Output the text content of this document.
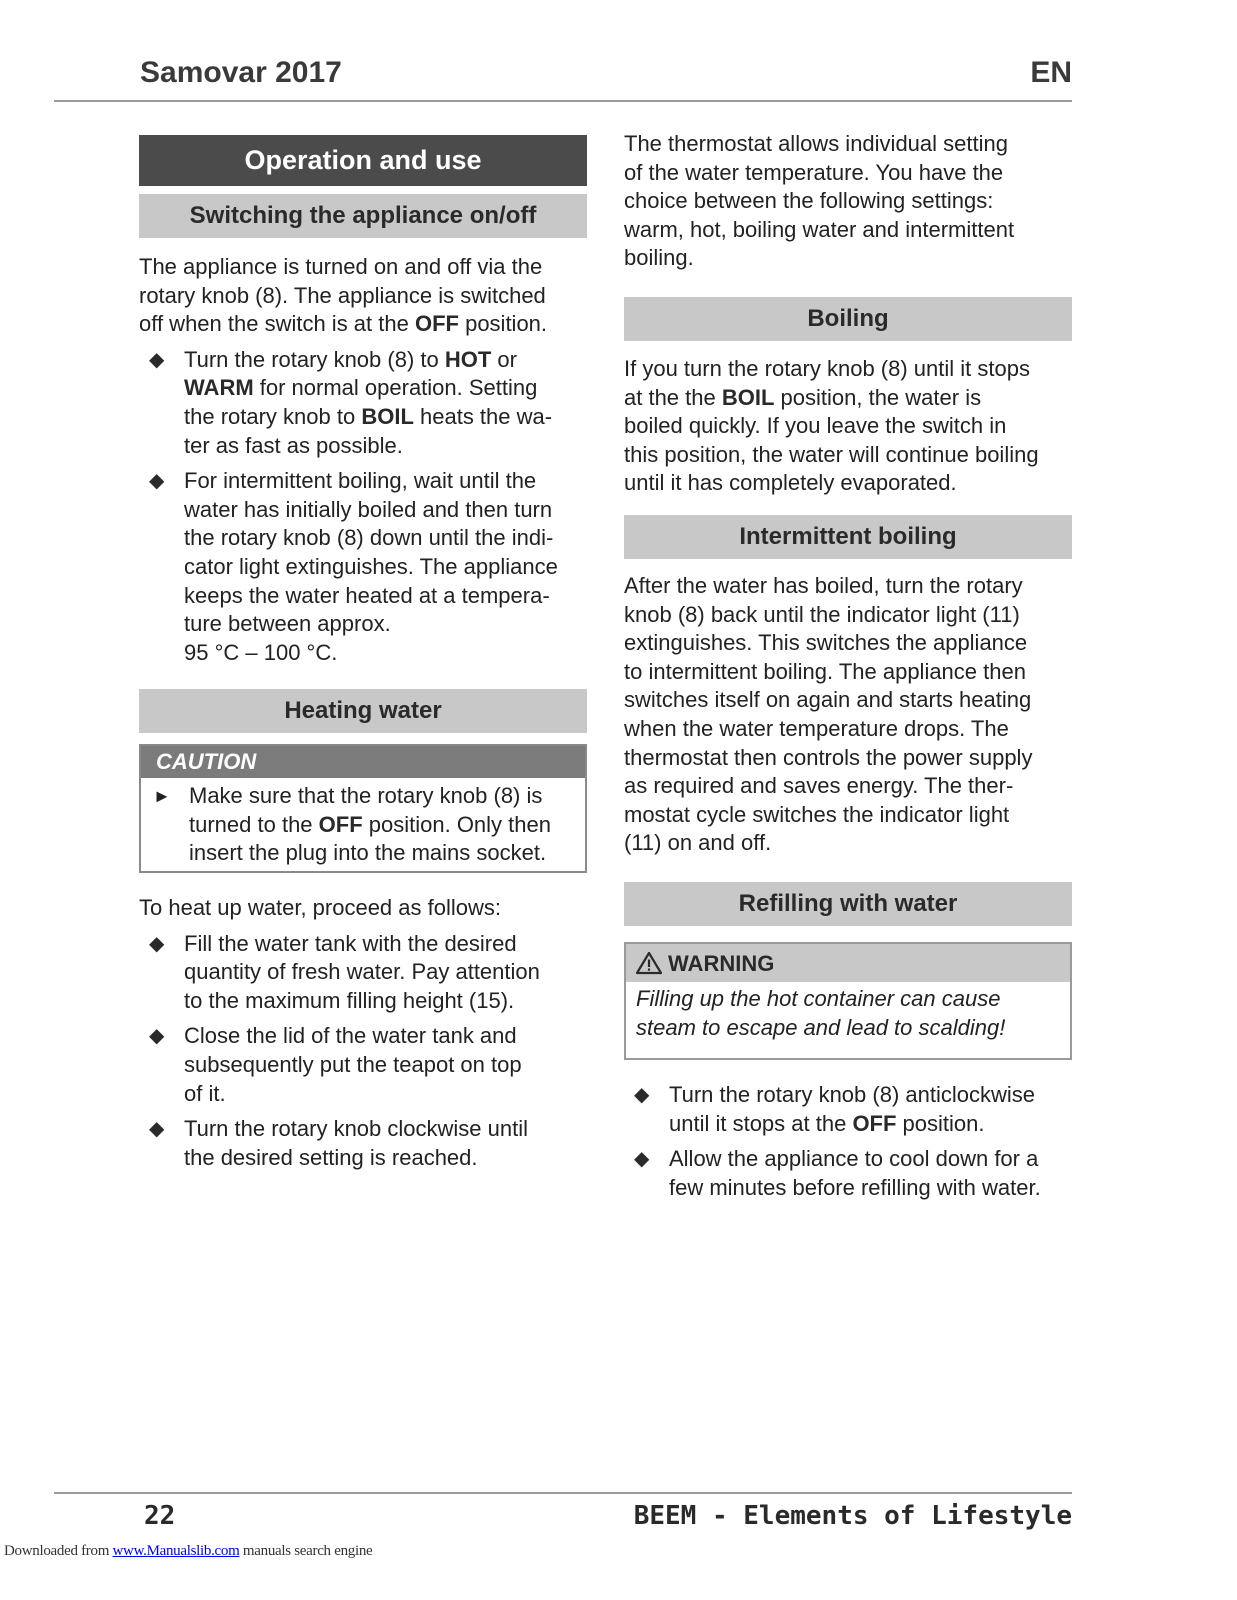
Samovar 2017	EN
Operation and use
Switching the appliance on/off
The appliance is turned on and off via the
rotary knob (8). The appliance is switched
off when the switch is at the OFF position.
◆ Turn the rotary knob (8) to HOT or
WARM for normal operation. Setting
the rotary knob to BOIL heats the wa-
ter as fast as possible.
◆ For intermittent boiling, wait until the
water has initially boiled and then turn
the rotary knob (8) down until the indi-
cator light extinguishes. The appliance
keeps the water heated at a tempera-
ture between approx.
95 °C – 100 °C.
Heating water
CAUTION
► Make sure that the rotary knob (8) is
turned to the OFF position. Only then
insert the plug into the mains socket.
To heat up water, proceed as follows:
◆ Fill the water tank with the desired
quantity of fresh water. Pay attention
to the maximum filling height (15).
◆ Close the lid of the water tank and
subsequently put the teapot on top
of it.
◆ Turn the rotary knob clockwise until
the desired setting is reached.
The thermostat allows individual setting
of the water temperature. You have the
choice between the following settings:
warm, hot, boiling water and intermittent
boiling.
Boiling
If you turn the rotary knob (8) until it stops
at the the BOIL position, the water is
boiled quickly. If you leave the switch in
this position, the water will continue boiling
until it has completely evaporated.
Intermittent boiling
After the water has boiled, turn the rotary
knob (8) back until the indicator light (11)
extinguishes. This switches the appliance
to intermittent boiling. The appliance then
switches itself on again and starts heating
when the water temperature drops. The
thermostat then controls the power supply
as required and saves energy. The ther-
mostat cycle switches the indicator light
(11) on and off.
Refilling with water
WARNING
Filling up the hot container can cause
steam to escape and lead to scalding!
◆ Turn the rotary knob (8) anticlockwise
until it stops at the OFF position.
◆ Allow the appliance to cool down for a
few minutes before refilling with water.
22	BEEM - Elements of Lifestyle
Downloaded from www.Manualslib.com manuals search engine
